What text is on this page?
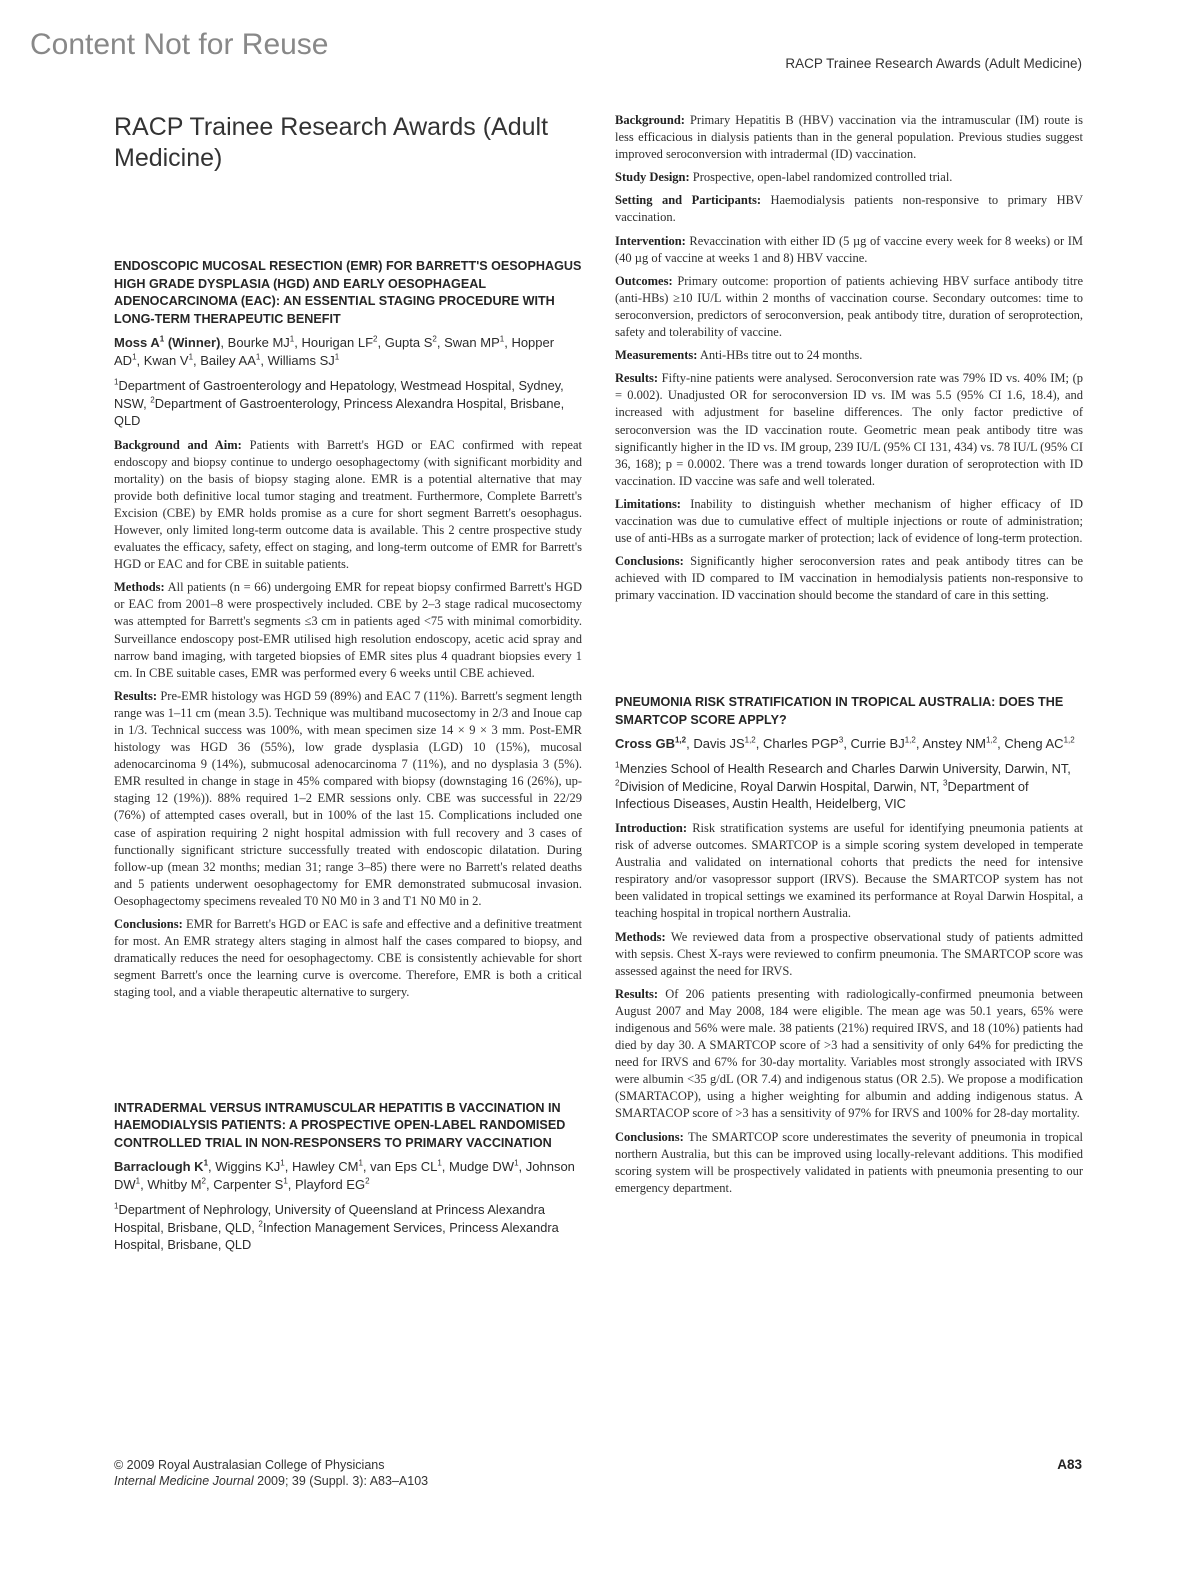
Content Not for Reuse
RACP Trainee Research Awards (Adult Medicine)
RACP Trainee Research Awards (Adult Medicine)
ENDOSCOPIC MUCOSAL RESECTION (EMR) FOR BARRETT'S OESOPHAGUS HIGH GRADE DYSPLASIA (HGD) AND EARLY OESOPHAGEAL ADENOCARCINOMA (EAC): AN ESSENTIAL STAGING PROCEDURE WITH LONG-TERM THERAPEUTIC BENEFIT
Moss $A^1$ (Winner), Bourke $MJ^1$, Hourigan $LF^2$, Gupta $S^2$, Swan $MP^1$, Hopper $AD^1$, Kwan $V^1$, Bailey $AA^1$, Williams $SJ^1$
$^1$Department of Gastroenterology and Hepatology, Westmead Hospital, Sydney, NSW, $^2$Department of Gastroenterology, Princess Alexandra Hospital, Brisbane, QLD

Background and Aim: Patients with Barrett's HGD or EAC confirmed with repeat endoscopy and biopsy continue to undergo oesophagectomy (with significant morbidity and mortality) on the basis of biopsy staging alone. EMR is a potential alternative that may provide both definitive local tumor staging and treatment. Furthermore, Complete Barrett's Excision (CBE) by EMR holds promise as a cure for short segment Barrett's oesophagus. However, only limited long-term outcome data is available. This 2 centre prospective study evaluates the efficacy, safety, effect on staging, and long-term outcome of EMR for Barrett's HGD or EAC and for CBE in suitable patients.

Methods: All patients (n = 66) undergoing EMR for repeat biopsy confirmed Barrett's HGD or EAC from 2001–8 were prospectively included. CBE by 2–3 stage radical mucosectomy was attempted for Barrett's segments ≤3 cm in patients aged <75 with minimal comorbidity. Surveillance endoscopy post-EMR utilised high resolution endoscopy, acetic acid spray and narrow band imaging, with targeted biopsies of EMR sites plus 4 quadrant biopsies every 1 cm. In CBE suitable cases, EMR was performed every 6 weeks until CBE achieved.

Results: Pre-EMR histology was HGD 59 (89%) and EAC 7 (11%). Barrett's segment length range was 1–11 cm (mean 3.5). Technique was multiband mucosectomy in 2/3 and Inoue cap in 1/3. Technical success was 100%, with mean specimen size 14 × 9 × 3 mm. Post-EMR histology was HGD 36 (55%), low grade dysplasia (LGD) 10 (15%), mucosal adenocarcinoma 9 (14%), submucosal adenocarcinoma 7 (11%), and no dysplasia 3 (5%). EMR resulted in change in stage in 45% compared with biopsy (downstaging 16 (26%), up-staging 12 (19%)). 88% required 1–2 EMR sessions only. CBE was successful in 22/29 (76%) of attempted cases overall, but in 100% of the last 15. Complications included one case of aspiration requiring 2 night hospital admission with full recovery and 3 cases of functionally significant stricture successfully treated with endoscopic dilatation. During follow-up (mean 32 months; median 31; range 3–85) there were no Barrett's related deaths and 5 patients underwent oesophagectomy for EMR demonstrated submucosal invasion. Oesophagectomy specimens revealed T0 N0 M0 in 3 and T1 N0 M0 in 2.

Conclusions: EMR for Barrett's HGD or EAC is safe and effective and a definitive treatment for most. An EMR strategy alters staging in almost half the cases compared to biopsy, and dramatically reduces the need for oesophagectomy. CBE is consistently achievable for short segment Barrett's once the learning curve is overcome. Therefore, EMR is both a critical staging tool, and a viable therapeutic alternative to surgery.

INTRADERMAL VERSUS INTRAMUSCULAR HEPATITIS B VACCINATION IN HAEMODIALYSIS PATIENTS: A PROSPECTIVE OPEN-LABEL RANDOMISED CONTROLLED TRIAL IN NON-RESPONSERS TO PRIMARY VACCINATION
Barraclough $K^1$, Wiggins $KJ^1$, Hawley $CM^1$, van Eps $CL^1$, Mudge $DW^1$, Johnson $DW^1$, Whitby $M^2$, Carpenter $S^1$, Playford $EG^2$
$^1$Department of Nephrology, University of Queensland at Princess Alexandra Hospital, Brisbane, QLD, $^2$Infection Management Services, Princess Alexandra Hospital, Brisbane, QLD

Background: Primary Hepatitis B (HBV) vaccination via the intramuscular (IM) route is less efficacious in dialysis patients than in the general population. Previous studies suggest improved seroconversion with intradermal (ID) vaccination.

Study Design: Prospective, open-label randomized controlled trial.

Setting and Participants: Haemodialysis patients non-responsive to primary HBV vaccination.

Intervention: Revaccination with either ID (5 µg of vaccine every week for 8 weeks) or IM (40 µg of vaccine at weeks 1 and 8) HBV vaccine.

Outcomes: Primary outcome: proportion of patients achieving HBV surface antibody titre (anti-HBs) ≥10 IU/L within 2 months of vaccination course. Secondary outcomes: time to seroconversion, predictors of seroconversion, peak antibody titre, duration of seroprotection, safety and tolerability of vaccine.

Measurements: Anti-HBs titre out to 24 months.

Results: Fifty-nine patients were analysed. Seroconversion rate was 79% ID vs. 40% IM; (p = 0.002). Unadjusted OR for seroconversion ID vs. IM was 5.5 (95% CI 1.6, 18.4), and increased with adjustment for baseline differences. The only factor predictive of seroconversion was the ID vaccination route. Geometric mean peak antibody titre was significantly higher in the ID vs. IM group, 239 IU/L (95% CI 131, 434) vs. 78 IU/L (95% CI 36, 168); p = 0.0002. There was a trend towards longer duration of seroprotection with ID vaccination. ID vaccine was safe and well tolerated.

Limitations: Inability to distinguish whether mechanism of higher efficacy of ID vaccination was due to cumulative effect of multiple injections or route of administration; use of anti-HBs as a surrogate marker of protection; lack of evidence of long-term protection.

Conclusions: Significantly higher seroconversion rates and peak antibody titres can be achieved with ID compared to IM vaccination in hemodialysis patients non-responsive to primary vaccination. ID vaccination should become the standard of care in this setting.

PNEUMONIA RISK STRATIFICATION IN TROPICAL AUSTRALIA: DOES THE SMARTCOP SCORE APPLY?
Cross GB$^{1,2}$, Davis JS$^{1,2}$, Charles PGP$^3$, Currie BJ$^{1,2}$, Anstey NM$^{1,2}$, Cheng AC$^{1,2}$
$^1$Menzies School of Health Research and Charles Darwin University, Darwin, NT, $^2$Division of Medicine, Royal Darwin Hospital, Darwin, NT, $^3$Department of Infectious Diseases, Austin Health, Heidelberg, VIC

Introduction: Risk stratification systems are useful for identifying pneumonia patients at risk of adverse outcomes. SMARTCOP is a simple scoring system developed in temperate Australia and validated on international cohorts that predicts the need for intensive respiratory and/or vasopressor support (IRVS). Because the SMARTCOP system has not been validated in tropical settings we examined its performance at Royal Darwin Hospital, a teaching hospital in tropical northern Australia.

Methods: We reviewed data from a prospective observational study of patients admitted with sepsis. Chest X-rays were reviewed to confirm pneumonia. The SMARTCOP score was assessed against the need for IRVS.

Results: Of 206 patients presenting with radiologically-confirmed pneumonia between August 2007 and May 2008, 184 were eligible. The mean age was 50.1 years, 65% were indigenous and 56% were male. 38 patients (21%) required IRVS, and 18 (10%) patients had died by day 30. A SMARTCOP score of >3 had a sensitivity of only 64% for predicting the need for IRVS and 67% for 30-day mortality. Variables most strongly associated with IRVS were albumin <35 g/dL (OR 7.4) and indigenous status (OR 2.5). We propose a modification (SMARTACOP), using a higher weighting for albumin and adding indigenous status. A SMARTACOP score of >3 has a sensitivity of 97% for IRVS and 100% for 28-day mortality.

Conclusions: The SMARTCOP score underestimates the severity of pneumonia in tropical northern Australia, but this can be improved using locally-relevant additions. This modified scoring system will be prospectively validated in patients with pneumonia presenting to our emergency department.

© 2009 Royal Australasian College of Physicians
Internal Medicine Journal 2009; 39 (Suppl. 3): A83–A103
A83
